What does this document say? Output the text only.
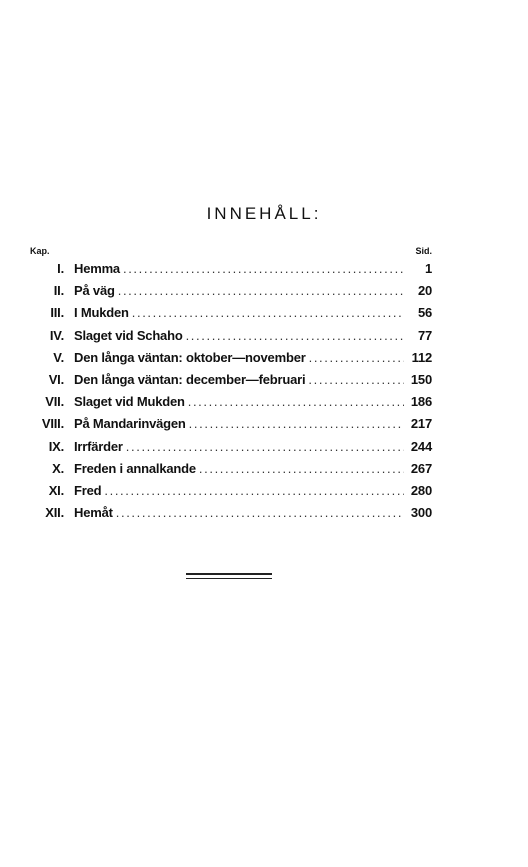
INNEHÅLL:
Kap.	Sid.
I. Hemma . . .	1
II. På väg . . .	20
III. I Mukden . . .	56
IV. Slaget vid Schaho . . .	77
V. Den långa väntan: oktober—november . . .	112
VI. Den långa väntan: december—februari . . .	150
VII. Slaget vid Mukden . . .	186
VIII. På Mandarinvägen . . .	217
IX. Irrfärder . . .	244
X. Freden i annalkande . . .	267
XI. Fred . . .	280
XII. Hemåt . . .	300
